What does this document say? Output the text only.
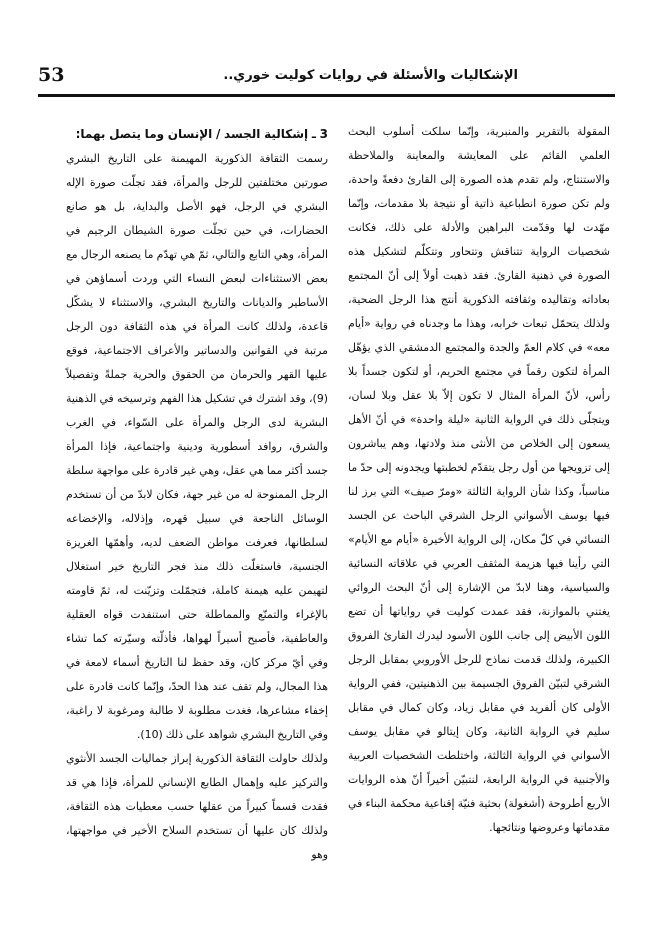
53	الإشكاليات والأسئلة في روايات كوليت خوري..

المقولة بالتقرير والمنبرية، وإنّما سلكت أسلوب البحث العلمي القائم على المعايشة والمعاينة والملاحظة والاستنتاج، ولم تقدم هذه الصورة إلى القارئ دفعةً واحدة، ولم تكن صورة انطباعية ذاتية أو نتيجة بلا مقدمات، وإنّما مهّدت لها وقدّمت البراهين والأدلة على ذلك، فكانت شخصيات الرواية تتناقش وتتحاور وتتكلّم لتشكيل هذه الصورة في ذهنية القارئ. فقد ذهبت أولاً إلى أنّ المجتمع بعاداته وتقاليده وثقافته الذكورية أنتج هذا الرجل الضحية، ولذلك يتحمّل تبعات خرابه، وهذا ما وجدناه في رواية «أيام معه» في كلام العمّ والجدة والمجتمع الدمشقي الذي يؤهّل المرأة لتكون رقماً في مجتمع الحريم، أو لتكون جسداً بلا رأس، لأنّ المرأة المثال لا تكون إلاّ بلا عقل وبلا لسان، ويتجلّى ذلك في الرواية الثانية «ليلة واحدة» في أنّ الأهل يسعون إلى الخلاص من الأنثى منذ ولادتها، وهم يباشرون إلى تزويجها من أول رجل يتقدّم لخطبتها ويجدونه إلى حدّ ما مناسباً، وكذا شأن الرواية الثالثة «ومرّ صيف» التي برز لنا فيها يوسف الأسواني الرجل الشرقي الباحث عن الجسد النسائي في كلّ مكان، إلى الرواية الأخيرة «أيام مع الأيام» التي رأينا فيها هزيمة المثقف العربي في علاقاته النسائية والسياسية، وهنا لابدّ من الإشارة إلى أنّ البحث الروائي يغتني بالموازنة، فقد عمدت كوليت في رواياتها أن تضع اللون الأبيض إلى جانب اللون الأسود ليدرك القارئ الفروق الكبيرة، ولذلك قدمت نماذج للرجل الأوروبي بمقابل الرجل الشرقي لتبيّن الفروق الجسيمة بين الذهنيتين، ففي الرواية الأولى كان ألفريد في مقابل زياد، وكان كمال في مقابل سليم في الرواية الثانية، وكان إيتالو في مقابل يوسف الأسواني في الرواية الثالثة، واختلطت الشخصيات العربية والأجنبية في الرواية الرابعة، لنتبيّن أخيراً أنّ هذه الروايات الأربع أطروحة (أشغولة) بحثية فنيّة إقناعية محكمة البناء في مقدماتها وعروضها ونتائجها.

3 ـ إشكالية الجسد / الإنسان وما يتصل بهما:

رسمت الثقافة الذكورية المهيمنة على التاريخ البشري صورتين مختلفتين للرجل والمرأة، فقد تجلّت صورة الإله البشري في الرجل، فهو الأصل والبداية، بل هو صانع الحضارات، في حين تجلّت صورة الشيطان الرجيم في المرأة، وهي التابع والتالي، ثمّ هي تهدّم ما يصنعه الرجال مع بعض الاستثناءات لبعض النساء التي وردت أسماؤهن في الأساطير والديانات والتاريخ البشري، والاستثناء لا يشكّل قاعدة، ولذلك كانت المرأة في هذه الثقافة دون الرجل مرتبة في القوانين والدساتير والأعراف الاجتماعية، فوقع عليها القهر والحرمان من الحقوق والحرية جملةً وتفصيلاً (9)، وقد اشترك في تشكيل هذا الفهم وترسيخه في الذهنية البشرية لدى الرجل والمرأة على السّواء، في الغرب والشرق، روافد أسطورية ودينية واجتماعية، فإذا المرأة جسد أكثر مما هي عقل، وهي غير قادرة على مواجهة سلطة الرجل الممنوحة له من غير جهة، فكان لابدّ من أن تستخدم الوسائل الناجعة في سبيل قهره، وإذلاله، والإخضاعه لسلطانها، فعرفت مواطن الضعف لديه، وأهمّها الغريزة الجنسية، فاستغلّت ذلك منذ فجر التاريخ خير استغلال لتهيمن عليه هيمنة كاملة، فتجمّلت وتزيّنت له، ثمّ قاومته بالإغراء والتمنّع والمماطلة حتى استنفدت قواه العقلية والعاطفية، فأصبح أسيراً لهواها، فأذلّته وسيّرته كما تشاء وفي أيّ مركز كان، وقد حفظ لنا التاريخ أسماء لامعة في هذا المجال، ولم تقف عند هذا الحدّ، وإنّما كانت قادرة على إخفاء مشاعرها، فغدت مطلوبة لا طالبة ومرغوبة لا راغبة، وفي التاريخ البشري شواهد على ذلك (10).

ولذلك حاولت الثقافة الذكورية إبراز جماليات الجسد الأنثوي والتركيز عليه وإهمال الطابع الإنساني للمرأة، فإذا هي قد فقدت قسماً كبيراً من عقلها حسب معطيات هذه الثقافة، ولذلك كان عليها أن تستخدم السلاح الأخير في مواجهتها، وهو
